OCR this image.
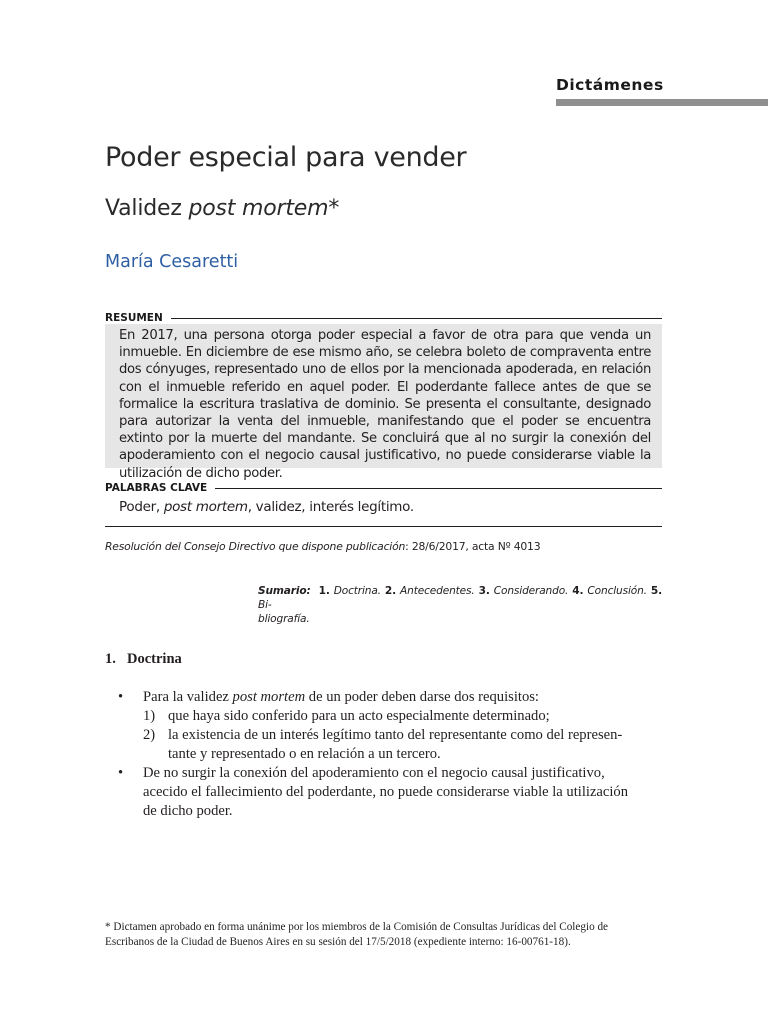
Dictámenes
Poder especial para vender
Validez post mortem*
María Cesaretti
RESUMEN
En 2017, una persona otorga poder especial a favor de otra para que venda un inmueble. En diciembre de ese mismo año, se celebra boleto de compraventa entre dos cónyuges, representado uno de ellos por la mencionada apoderada, en relación con el inmueble referido en aquel poder. El poderdante fallece antes de que se formalice la escritura traslativa de dominio. Se presenta el consultante, designado para autorizar la venta del inmueble, manifestando que el poder se encuentra extinto por la muerte del mandante. Se concluirá que al no surgir la conexión del apoderamiento con el negocio causal justificativo, no puede considerarse viable la utilización de dicho poder.
PALABRAS CLAVE
Poder, post mortem, validez, interés legítimo.
Resolución del Consejo Directivo que dispone publicación: 28/6/2017, acta Nº 4013
Sumario: 1. Doctrina. 2. Antecedentes. 3. Considerando. 4. Conclusión. 5. Bi-
bliografía.
1. Doctrina
• Para la validez post mortem de un poder deben darse dos requisitos:
1) que haya sido conferido para un acto especialmente determinado;
2) la existencia de un interés legítimo tanto del representante como del represen-
tante y representado o en relación a un tercero.
• De no surgir la conexión del apoderamiento con el negocio causal justificativo,
acecido el fallecimiento del poderdante, no puede considerarse viable la utilización
de dicho poder.
* Dictamen aprobado en forma unánime por los miembros de la Comisión de Consultas Jurídicas del Colegio de
Escribanos de la Ciudad de Buenos Aires en su sesión del 17/5/2018 (expediente interno: 16-00761-18).
